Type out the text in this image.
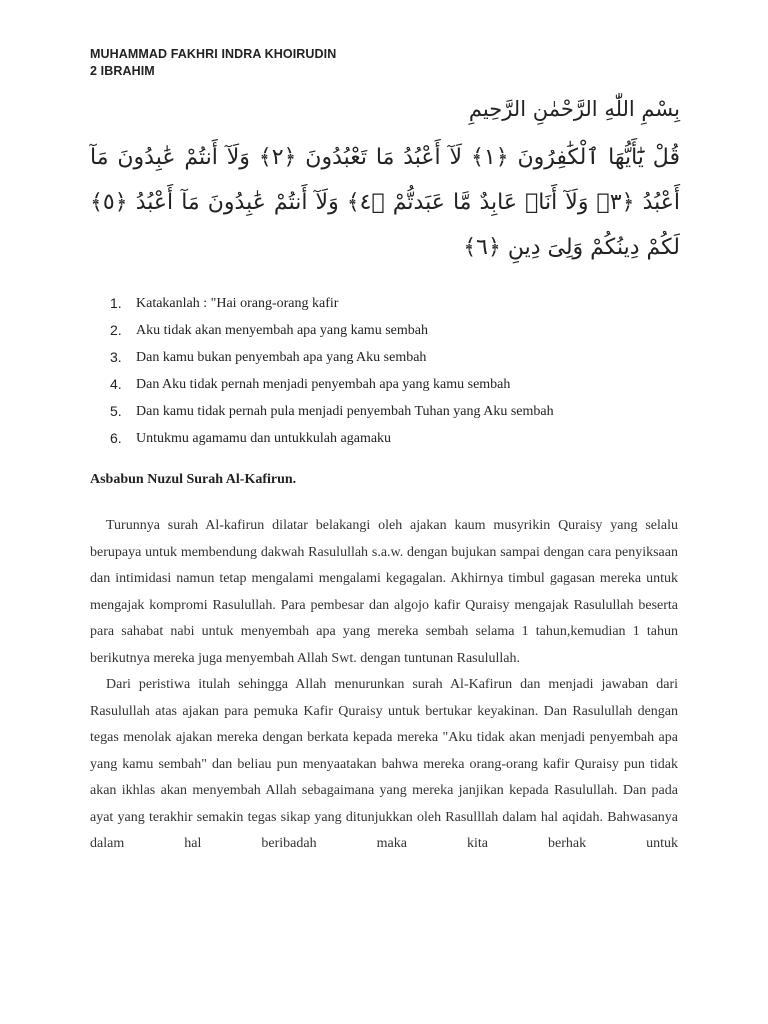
MUHAMMAD FAKHRI INDRA KHOIRUDIN
2 IBRAHIM
بِسْمِ اللّٰهِ الرَّحْمٰنِ الرَّحِيمِ
قُلْ يَٰٓأَيُّهَا ٱلْكَٰفِرُونَ ﴿١﴾ لَآ أَعْبُدُ مَا تَعْبُدُونَ ﴿٢﴾ وَلَآ أَنتُمْ عَٰبِدُونَ مَآ أَعْبُدُ ﴿٣﴾ وَلَآ أَنَا۠ عَابِدٌ مَّا عَبَدتُّمْ ﴿٤﴾ وَلَآ أَنتُمْ عَٰبِدُونَ مَآ أَعْبُدُ ﴿٥﴾ لَكُمْ دِينُكُمْ وَلِىَ دِينِ ﴿٦﴾
1.	Katakanlah : "Hai orang-orang kafir
2.	Aku tidak akan menyembah apa yang kamu sembah
3.	Dan kamu bukan penyembah apa yang Aku sembah
4.	Dan Aku tidak pernah menjadi penyembah apa yang kamu sembah
5.	Dan kamu tidak pernah pula menjadi penyembah Tuhan yang Aku sembah
6.	Untukmu agamamu dan untukkulah agamaku
Asbabun Nuzul Surah Al-Kafirun.

Turunnya surah Al-kafirun dilatar belakangi oleh ajakan kaum musyrikin Quraisy yang selalu berupaya untuk membendung dakwah Rasulullah s.a.w. dengan bujukan sampai dengan cara penyiksaan dan intimidasi namun tetap mengalami mengalami kegagalan. Akhirnya timbul gagasan mereka untuk mengajak kompromi Rasulullah. Para pembesar dan algojo kafir Quraisy mengajak Rasulullah beserta para sahabat nabi untuk menyembah apa yang mereka sembah selama 1 tahun,kemudian 1 tahun berikutnya mereka juga menyembah Allah Swt. dengan tuntunan Rasulullah.

Dari peristiwa itulah sehingga Allah menurunkan surah Al-Kafirun dan menjadi jawaban dari Rasulullah atas ajakan para pemuka Kafir Quraisy untuk bertukar keyakinan. Dan Rasulullah dengan tegas menolak ajakan mereka dengan berkata kepada mereka "Aku tidak akan menjadi penyembah apa yang kamu sembah" dan beliau pun menyaatakan bahwa mereka orang-orang kafir Quraisy pun tidak akan ikhlas akan menyembah Allah sebagaimana yang mereka janjikan kepada Rasulullah. Dan pada ayat yang terakhir semakin tegas sikap yang ditunjukkan oleh Rasulllah dalam hal aqidah. Bahwasanya dalam hal beribadah maka kita berhak untuk
